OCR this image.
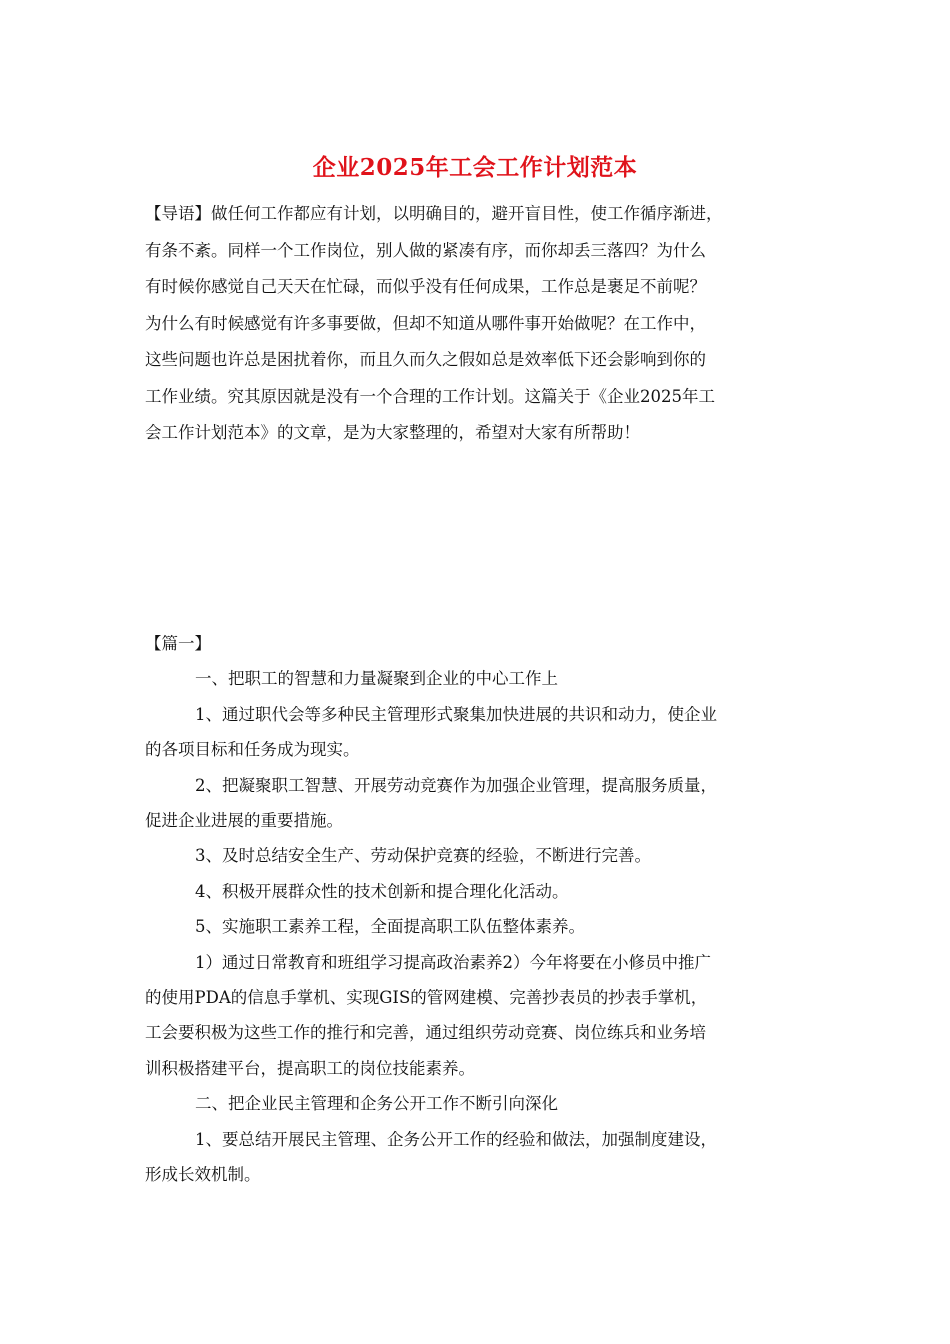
企业2025年工会工作计划范本
【导语】做任何工作都应有计划，以明确目的，避开盲目性，使工作循序渐进，
有条不紊。同样一个工作岗位，别人做的紧凑有序，而你却丢三落四？为什么
有时候你感觉自己天天在忙碌，而似乎没有任何成果，工作总是裹足不前呢？
为什么有时候感觉有许多事要做，但却不知道从哪件事开始做呢？在工作中，
这些问题也许总是困扰着你，而且久而久之假如总是效率低下还会影响到你的
工作业绩。究其原因就是没有一个合理的工作计划。这篇关于《企业2025年工
会工作计划范本》的文章，是为大家整理的，希望对大家有所帮助！
【篇一】
一、把职工的智慧和力量凝聚到企业的中心工作上
1、通过职代会等多种民主管理形式聚集加快进展的共识和动力，使企业
的各项目标和任务成为现实。
2、把凝聚职工智慧、开展劳动竞赛作为加强企业管理，提高服务质量，
促进企业进展的重要措施。
3、及时总结安全生产、劳动保护竞赛的经验，不断进行完善。
4、积极开展群众性的技术创新和提合理化化活动。
5、实施职工素养工程，全面提高职工队伍整体素养。
1）通过日常教育和班组学习提高政治素养2）今年将要在小修员中推广
的使用PDA的信息手掌机、实现GIS的管网建模、完善抄表员的抄表手掌机，
工会要积极为这些工作的推行和完善，通过组织劳动竞赛、岗位练兵和业务培
训积极搭建平台，提高职工的岗位技能素养。
二、把企业民主管理和企务公开工作不断引向深化
1、要总结开展民主管理、企务公开工作的经验和做法，加强制度建设，
形成长效机制。
